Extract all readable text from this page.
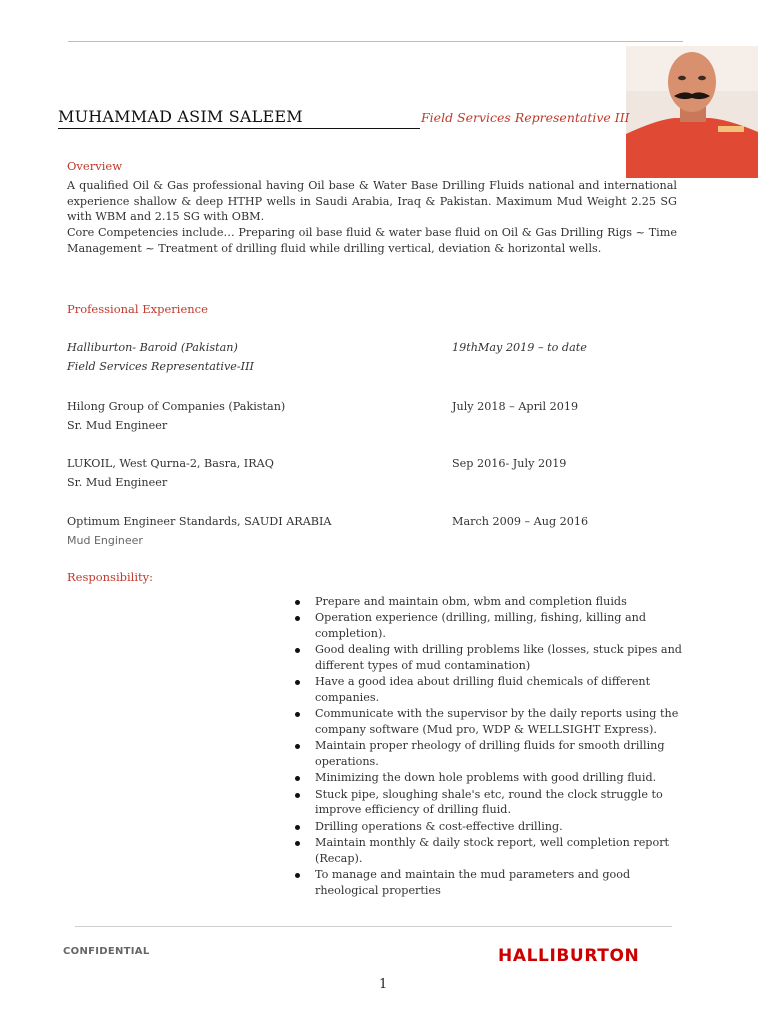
MUHAMMAD ASIM SALEEM	Field Services Representative III
Overview
A qualified Oil & Gas professional having Oil base & Water Base Drilling Fluids national and international experience shallow & deep HTHP wells in Saudi Arabia, Iraq & Pakistan. Maximum Mud Weight 2.25 SG with WBM and 2.15 SG with OBM.
Core Competencies include… Preparing oil base fluid & water base fluid on Oil & Gas Drilling Rigs ~ Time Management ~ Treatment of drilling fluid while drilling vertical, deviation & horizontal wells.
Professional Experience
Halliburton- Baroid (Pakistan)	19thMay 2019 – to date
Field Services Representative-III
Hilong Group of Companies (Pakistan)	July 2018 – April 2019
Sr. Mud Engineer
LUKOIL, West Qurna-2, Basra, IRAQ	Sep 2016- July 2019
Sr. Mud Engineer
Optimum Engineer Standards, SAUDI ARABIA	March 2009 – Aug 2016
Mud Engineer
Responsibility:
Prepare and maintain obm, wbm and completion fluids
Operation experience (drilling, milling, fishing, killing and completion).
Good dealing with drilling problems like (losses, stuck pipes and different types of mud contamination)
Have a good idea about drilling fluid chemicals of different companies.
Communicate with the supervisor by the daily reports using the company software (Mud pro, WDP & WELLSIGHT Express).
Maintain proper rheology of drilling fluids for smooth drilling operations.
Minimizing the down hole problems with good drilling fluid.
Stuck pipe, sloughing shale's etc, round the clock struggle to improve efficiency of drilling fluid.
Drilling operations & cost-effective drilling.
Maintain monthly & daily stock report, well completion report (Recap).
To manage and maintain the mud parameters and good rheological properties
CONFIDENTIAL	HALLIBURTON
1
